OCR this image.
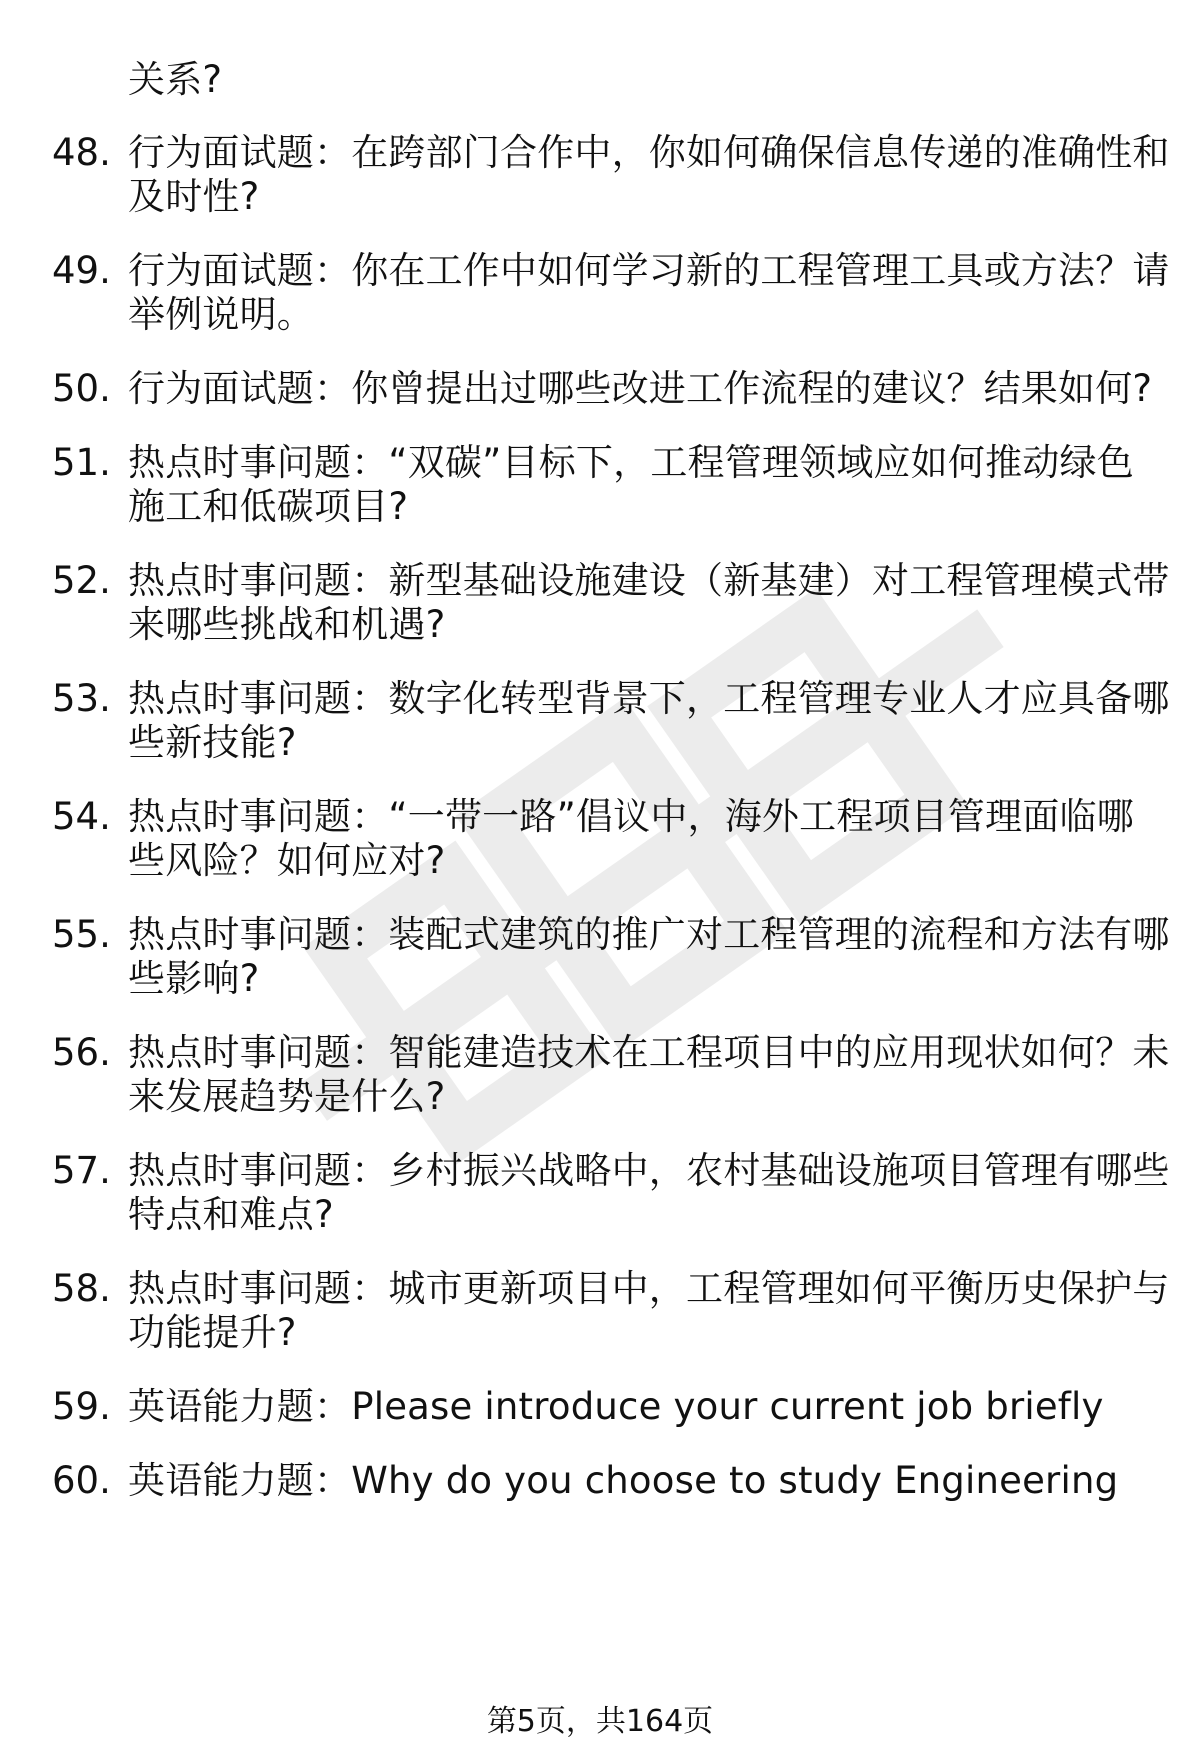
关系?
48. 行为面试题：在跨部门合作中，你如何确保信息传递的准确性和
及时性?
49. 行为面试题：你在工作中如何学习新的工程管理工具或方法？请
举例说明。
50. 行为面试题：你曾提出过哪些改进工作流程的建议？结果如何?
51. 热点时事问题：“双碳”目标下，工程管理领域应如何推动绿色
施工和低碳项目?
52. 热点时事问题：新型基础设施建设（新基建）对工程管理模式带
来哪些挑战和机遇?
53. 热点时事问题：数字化转型背景下，工程管理专业人才应具备哪
些新技能?
54. 热点时事问题：“一带一路”倡议中，海外工程项目管理面临哪
些风险？如何应对?
55. 热点时事问题：装配式建筑的推广对工程管理的流程和方法有哪
些影响?
56. 热点时事问题：智能建造技术在工程项目中的应用现状如何？未
来发展趋势是什么?
57. 热点时事问题：乡村振兴战略中，农村基础设施项目管理有哪些
特点和难点?
58. 热点时事问题：城市更新项目中，工程管理如何平衡历史保护与
功能提升?
59. 英语能力题：Please introduce your current job briefly
60. 英语能力题：Why do you choose to study Engineering
第5页，共164页
